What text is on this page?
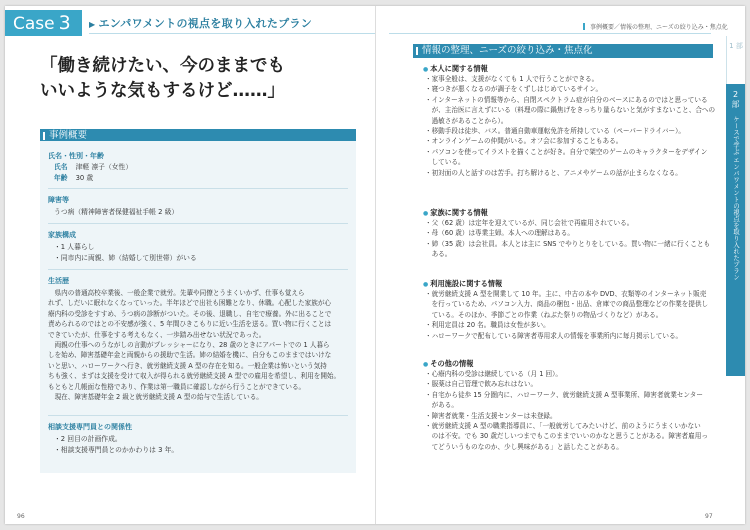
Case 3	▶ エンパワメントの視点を取り入れたプラン	事例概要／情報の整理、ニーズの絞り込み・焦点化
「働き続けたい、今のままでも
いいような気もするけど……」
事例概要
氏名・性別・年齢
氏名 津軽 凛子（女性）
年齢 30 歳
障害等
うつ病（精神障害者保健福祉手帳 2 級）
家族構成
・1 人暮らし
・同市内に両親、姉（結婚して別世帯）がいる
生活歴
　県内の普通高校卒業後、一般企業で就労。先輩や同僚とうまくいかず、仕事も覚えら
れず、しだいに眠れなくなっていった。半年ほどで出社も困難となり、休職。心配した家族が心
療内科の受診をすすめ、うつ病の診断がついた。その後、退職し、自宅で療養。外に出ることで
責められるのではとの不安感が強く、5 年間ひきこもりに近い生活を送る。買い物に行くことは
できていたが、仕事をする考えもなく、一歩踏み出せない状況であった。
　両親の仕事へのうながしの言動がプレッシャーになり、28 歳のときにアパートでの 1 人暮ら
しを始め、障害基礎年金と両親からの援助で生活。姉の結婚を機に、自分もこのままではいけな
いと思い、ハローワークへ行き、就労継続支援 A 型の存在を知る。一般企業は怖いという気持
ちも強く、まずは支援を受けて収入が得られる就労継続支援 A 型での雇用を希望し、利用を開始。
もともと几帳面な性格であり、作業は第一職員に確認しながら行うことができている。
　現在、障害基礎年金 2 級と就労継続支援 A 型の給与で生活している。
相談支援専門員との関係性
・2 回目の計画作成。
・相談支援専門員とのかかわりは 3 年。
情報の整理、ニーズの絞り込み・焦点化
● 本人に関する情報
・家事全般は、支援がなくても 1 人で行うことができる。
・寝つきが悪くなるのが調子をくずしはじめているサイン。
・インターネットの情報等から、自閉スペクトラム症が自分のベースにあるのではと思っている
　が、主治医に言えずにいる（料理の際に鍋焦げをきっちり量らないと気がすまないこと、合への
　過敏さがあることから）。
・移動手段は徒歩、バス。普通自動車運転免許を所持している（ペーパードライバー）。
・オンラインゲームの仲間がいる。オフ会に参加することもある。
・パソコンを使ってイラストを描くことが好き。自分で架空のゲームのキャラクターをデザイン
　している。
・初対面の人と話すのは苦手。打ち解けると、アニメやゲームの話が止まらなくなる。
● 家族に関する情報
・父（62 歳）は定年を迎えているが、同じ会社で再雇用されている。
・母（60 歳）は専業主婦。本人への理解はある。
・姉（35 歳）は会社員。本人とは主に SNS でやりとりをしている。買い物に一緒に行くことも
　ある。
● 利用施設に関する情報
・就労継続支援 A 型を開業して 10 年。主に、中古の本や DVD、衣類等のインターネット販売
　を行っているため、パソコン入力、商品の梱包・出品、倉庫での商品整理などの作業を提供し
　ている。そのほか、季節ごとの作業（ねぶた祭りの物品づくりなど）がある。
・利用定員は 20 名。職員は女性が多い。
・ハローワークで配布している障害者専用求人の情報を事業所内に毎月掲示している。
● その他の情報
・心療内科の受診は継続している（月 1 回）。
・服薬は自己管理で飲み忘れはない。
・自宅から徒歩 15 分圏内に、ハローワーク、就労継続支援 A 型事業所、障害者就業センター
　がある。
・障害者就業・生活支援センターは未登録。
・就労継続支援 A 型の職業指導員に、「一般就労してみたいけど、前のようにうまくいかない
　のは不安。でも 30 歳だしいつまでもこのままでいいのかなと思うことがある。障害者雇用っ
　てどういうものなのか、少し興味がある」と話したことがある。
1 部
2
部
ケースで学ぶ エンパワメントの視点を取り入れたプラン
96	97
